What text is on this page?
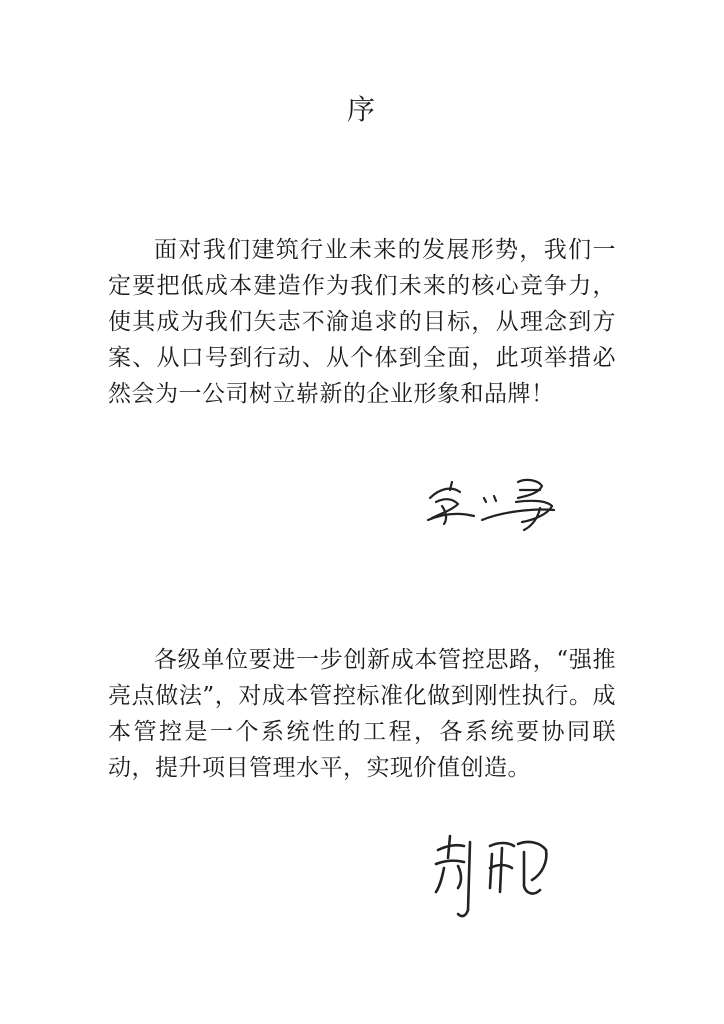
序

面对我们建筑行业未来的发展形势，我们一定要把低成本建造作为我们未来的核心竞争力，使其成为我们矢志不渝追求的目标，从理念到方案、从口号到行动、从个体到全面，此项举措必然会为一公司树立崭新的企业形象和品牌！

各级单位要进一步创新成本管控思路，“强推亮点做法”，对成本管控标准化做到刚性执行。成本管控是一个系统性的工程，各系统要协同联动，提升项目管理水平，实现价值创造。
